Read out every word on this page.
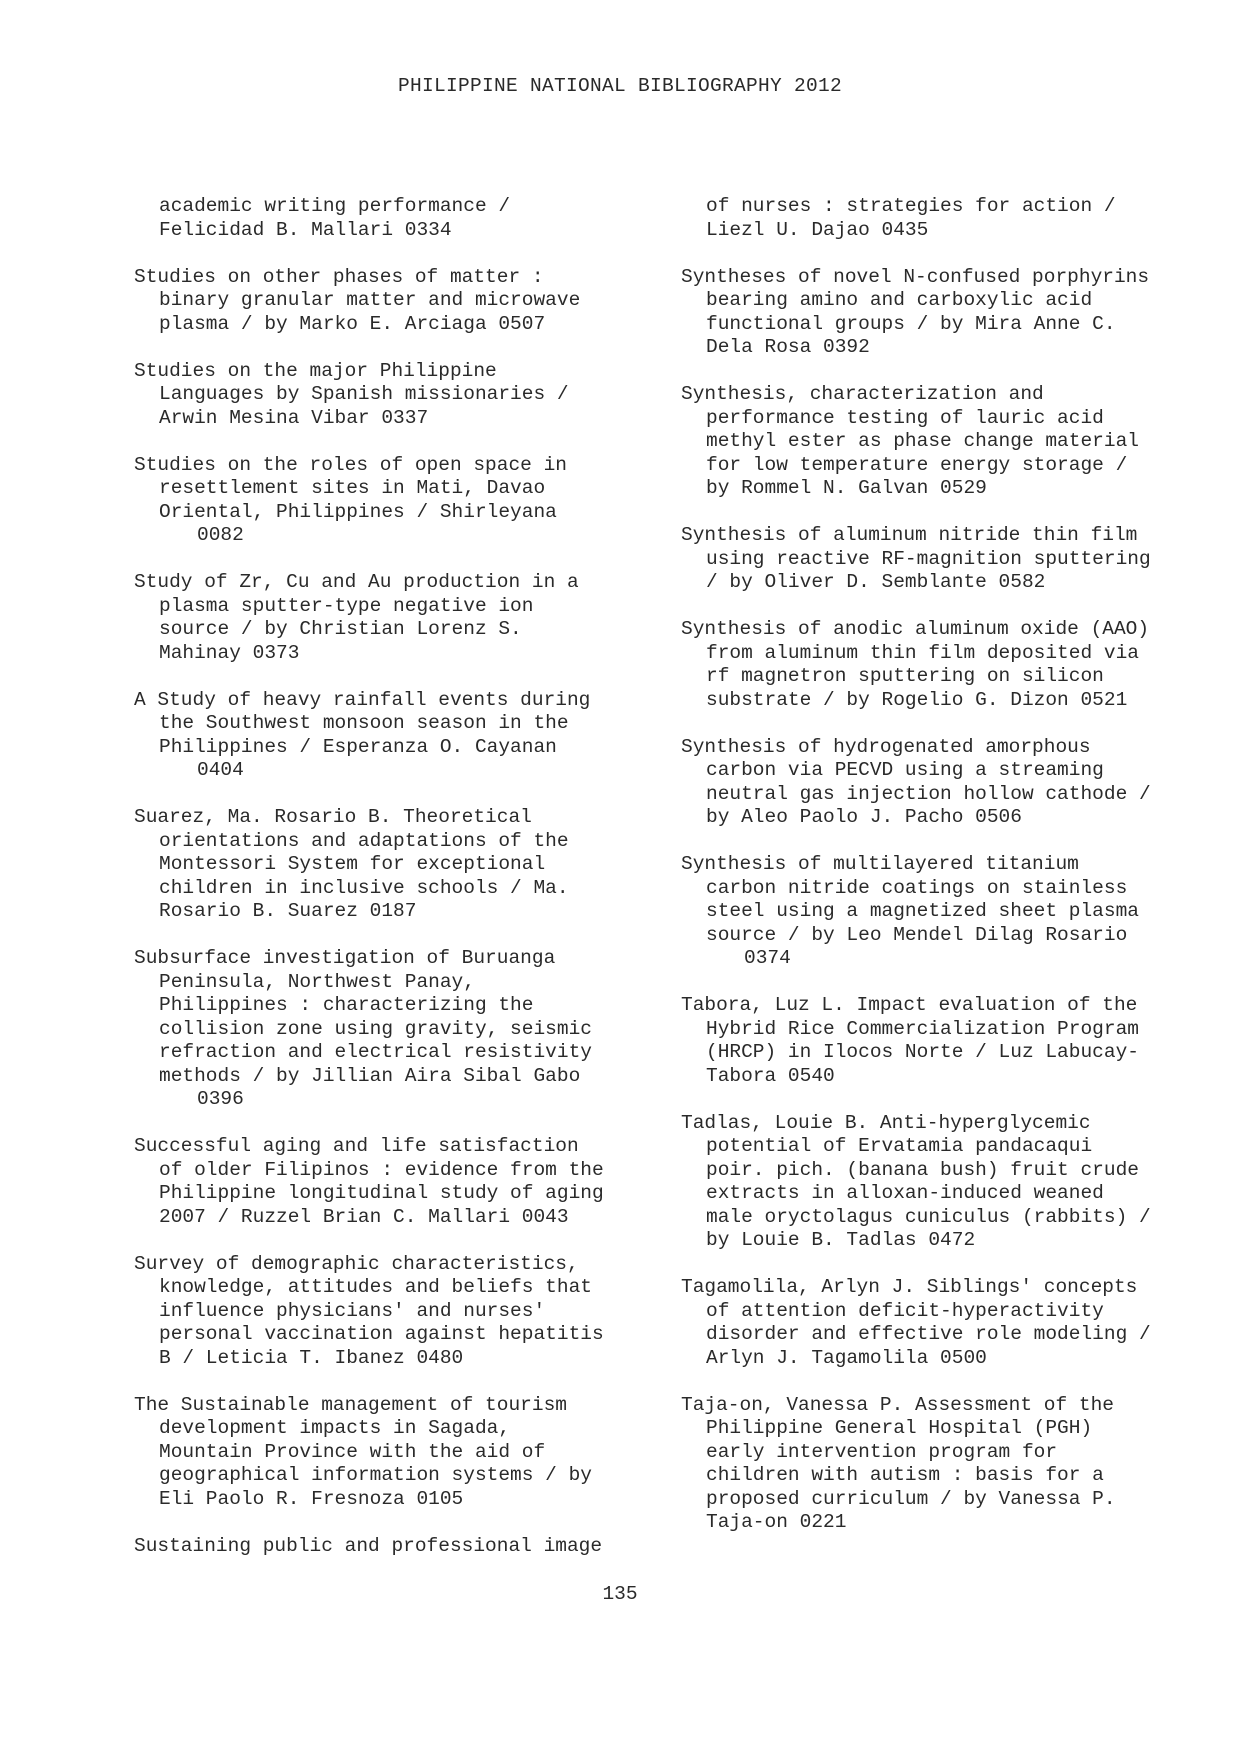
PHILIPPINE NATIONAL BIBLIOGRAPHY 2012
academic writing performance /
Felicidad B. Mallari 0334
Studies on other phases of matter :
binary granular matter and microwave
plasma / by Marko E. Arciaga 0507
Studies on the major Philippine
Languages by Spanish missionaries /
Arwin Mesina Vibar 0337
Studies on the roles of open space in
resettlement sites in Mati, Davao
Oriental, Philippines / Shirleyana
0082
Study of Zr, Cu and Au production in a
plasma sputter-type negative ion
source / by Christian Lorenz S.
Mahinay 0373
A Study of heavy rainfall events during
the Southwest monsoon season in the
Philippines / Esperanza O. Cayanan
0404
Suarez, Ma. Rosario B. Theoretical
orientations and adaptations of the
Montessori System for exceptional
children in inclusive schools / Ma.
Rosario B. Suarez 0187
Subsurface investigation of Buruanga
Peninsula, Northwest Panay,
Philippines : characterizing the
collision zone using gravity, seismic
refraction and electrical resistivity
methods / by Jillian Aira Sibal Gabo
0396
Successful aging and life satisfaction
of older Filipinos : evidence from the
Philippine longitudinal study of aging
2007 / Ruzzel Brian C. Mallari 0043
Survey of demographic characteristics,
knowledge, attitudes and beliefs that
influence physicians' and nurses'
personal vaccination against hepatitis
B / Leticia T. Ibanez 0480
The Sustainable management of tourism
development impacts in Sagada,
Mountain Province with the aid of
geographical information systems / by
Eli Paolo R. Fresnoza 0105
Sustaining public and professional image
of nurses : strategies for action /
Liezl U. Dajao 0435
Syntheses of novel N-confused porphyrins
bearing amino and carboxylic acid
functional groups / by Mira Anne C.
Dela Rosa 0392
Synthesis, characterization and
performance testing of lauric acid
methyl ester as phase change material
for low temperature energy storage /
by Rommel N. Galvan 0529
Synthesis of aluminum nitride thin film
using reactive RF-magnition sputtering
/ by Oliver D. Semblante 0582
Synthesis of anodic aluminum oxide (AAO)
from aluminum thin film deposited via
rf magnetron sputtering on silicon
substrate / by Rogelio G. Dizon 0521
Synthesis of hydrogenated amorphous
carbon via PECVD using a streaming
neutral gas injection hollow cathode /
by Aleo Paolo J. Pacho 0506
Synthesis of multilayered titanium
carbon nitride coatings on stainless
steel using a magnetized sheet plasma
source / by Leo Mendel Dilag Rosario
0374
Tabora, Luz L. Impact evaluation of the
Hybrid Rice Commercialization Program
(HRCP) in Ilocos Norte / Luz Labucay-
Tabora 0540
Tadlas, Louie B. Anti-hyperglycemic
potential of Ervatamia pandacaqui
poir. pich. (banana bush) fruit crude
extracts in alloxan-induced weaned
male oryctolagus cuniculus (rabbits) /
by Louie B. Tadlas 0472
Tagamolila, Arlyn J. Siblings' concepts
of attention deficit-hyperactivity
disorder and effective role modeling /
Arlyn J. Tagamolila 0500
Taja-on, Vanessa P. Assessment of the
Philippine General Hospital (PGH)
early intervention program for
children with autism : basis for a
proposed curriculum / by Vanessa P.
Taja-on 0221
135
